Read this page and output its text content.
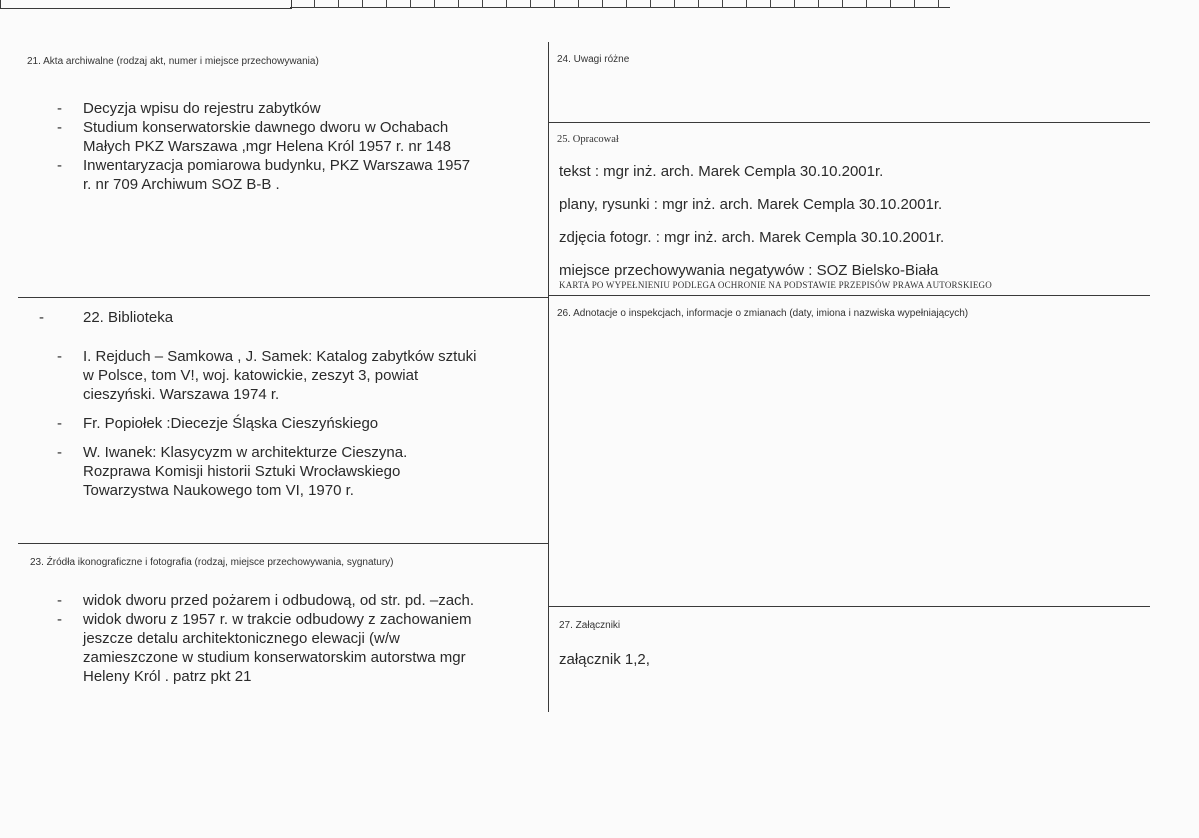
21. Akta archiwalne (rodzaj akt, numer i miejsce przechowywania)
- Decyzja wpisu do rejestru zabytków
- Studium konserwatorskie dawnego dworu w Ochabach
Małych PKZ Warszawa ,mgr Helena Król 1957 r. nr 148
- Inwentaryzacja pomiarowa budynku, PKZ Warszawa 1957
r. nr 709 Archiwum SOZ B-B .
-	22. Biblioteka
- I. Rejduch – Samkowa , J. Samek: Katalog zabytków sztuki
w Polsce, tom V!, woj. katowickie, zeszyt 3, powiat
cieszyński. Warszawa 1974 r.
- Fr. Popiołek :Diecezje Śląska Cieszyńskiego
- W. Iwanek: Klasycyzm w architekturze Cieszyna.
Rozprawa Komisji historii Sztuki Wrocławskiego
Towarzystwa Naukowego tom VI, 1970 r.
23. Źródła ikonograficzne i fotografia (rodzaj, miejsce przechowywania, sygnatury)
- widok dworu przed pożarem i odbudową, od str. pd. –zach.
- widok dworu z 1957 r. w trakcie odbudowy z zachowaniem
jeszcze detalu architektonicznego elewacji (w/w
zamieszczone w studium konserwatorskim autorstwa mgr
Heleny Król . patrz pkt 21
24. Uwagi różne
25. Opracował
tekst : mgr inż. arch. Marek Cempla 30.10.2001r.
plany, rysunki : mgr inż. arch. Marek Cempla 30.10.2001r.
zdjęcia fotogr. : mgr inż. arch. Marek Cempla 30.10.2001r.
miejsce przechowywania negatywów : SOZ Bielsko-Biała
KARTA PO WYPEŁNIENIU PODLEGA OCHRONIE NA PODSTAWIE PRZEPISÓW PRAWA AUTORSKIEGO
26. Adnotacje o inspekcjach, informacje o zmianach (daty, imiona i nazwiska wypełniających)
27. Załączniki
załącznik 1,2,
